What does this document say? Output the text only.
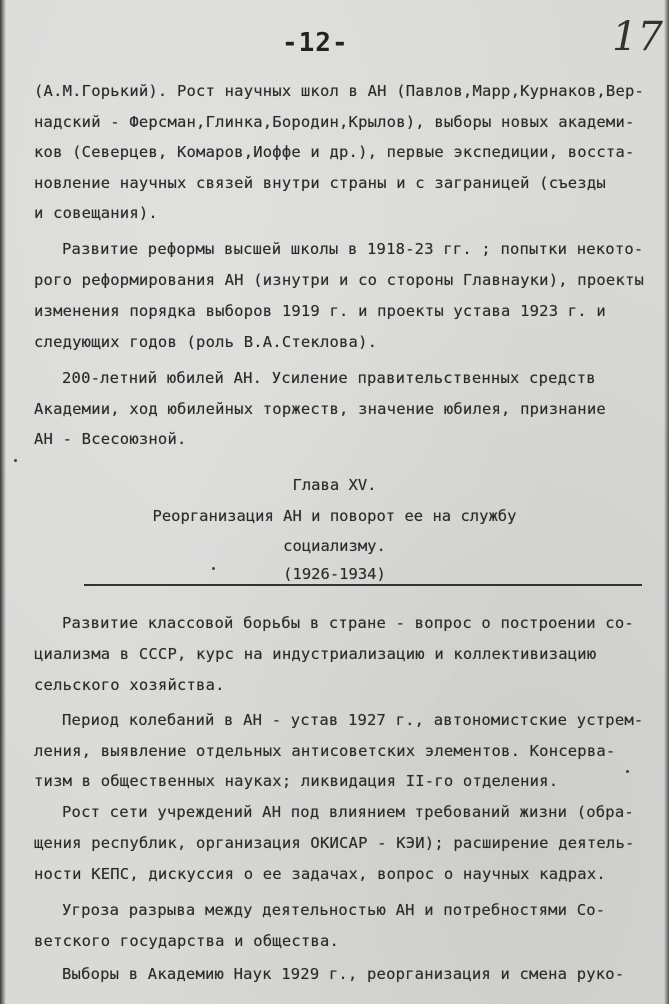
-12-	17
(А.М.Горький). Рост научных школ в АН (Павлов,Марр,Курнаков,Вер-
надский - Ферсман,Глинка,Бородин,Крылов), выборы новых академи-
ков (Северцев, Комаров,Иоффе и др.), первые экспедиции, восста-
новление научных связей внутри страны и с заграницей (съезды
и совещания).
Развитие реформы высшей школы в 1918-23 гг. ; попытки некото-
рого реформирования АН (изнутри и со стороны Главнауки), проекты
изменения порядка выборов 1919 г. и проекты устава 1923 г. и
следующих годов (роль В.А.Стеклова).
200-летний юбилей АН. Усиление правительственных средств
Академии, ход юбилейных торжеств, значение юбилея, признание
АН - Всесоюзной.
Глава XV.
Реорганизация АН и поворот ее на службу
социализму.
(1926-1934)
Развитие классовой борьбы в стране - вопрос о построении со-
циализма в СССР, курс на индустриализацию и коллективизацию
сельского хозяйства.
Период колебаний в АН - устав 1927 г., автономистские устрем-
ления, выявление отдельных антисоветских элементов. Консерва-
тизм в общественных науках; ликвидация II-го отделения.
Рост сети учреждений АН под влиянием требований жизни (обра-
щения республик, организация ОКИСАР - КЭИ); расширение деятель-
ности КЕПС, дискуссия о ее задачах, вопрос о научных кадрах.
Угроза разрыва между деятельностью АН и потребностями Со-
ветского государства и общества.
Выборы в Академию Наук 1929 г., реорганизация и смена руко-
